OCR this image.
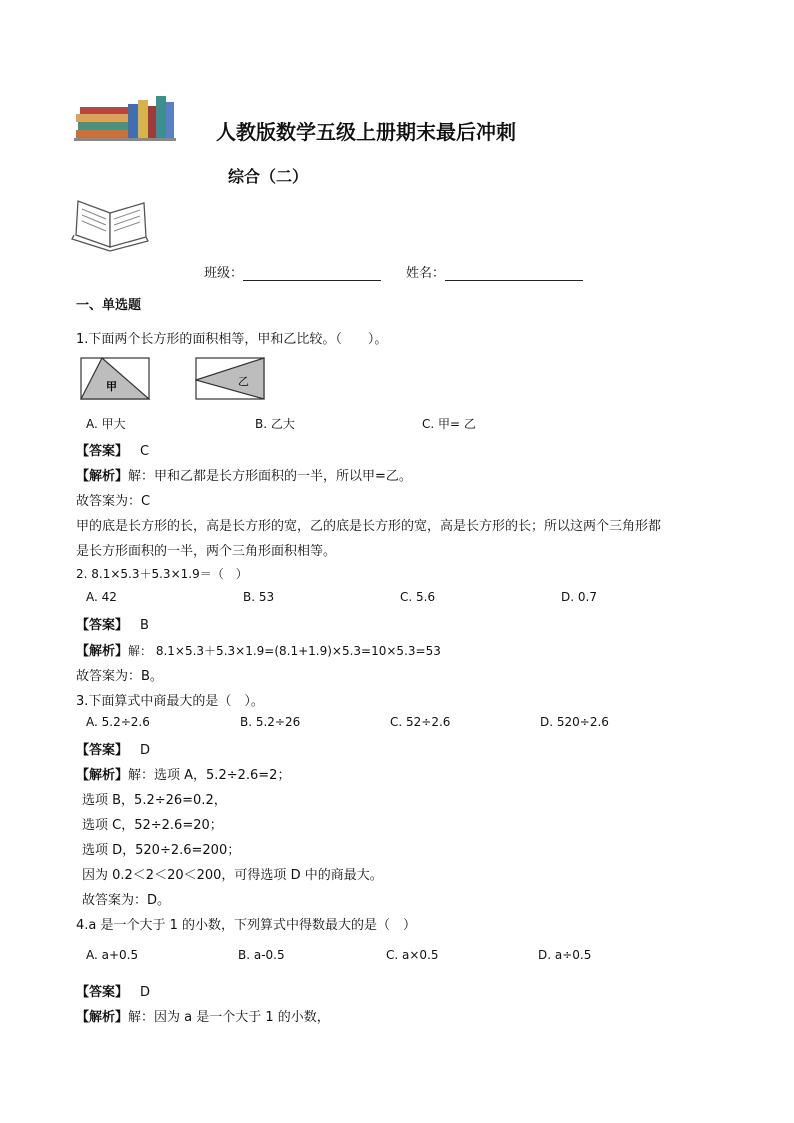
人教版数学五级上册期末最后冲刺
综合（二）
班级：	姓名：
一、单选题
1.下面两个长方形的面积相等，甲和乙比较。（　　）。
甲	乙
A. 甲大	B. 乙大	C. 甲= 乙
【答案】 C
【解析】解：甲和乙都是长方形面积的一半，所以甲=乙。
故答案为：C
甲的底是长方形的长，高是长方形的宽，乙的底是长方形的宽，高是长方形的长；所以这两个三角形都
是长方形面积的一半，两个三角形面积相等。
2. 8.1×5.3＋5.3×1.9＝（　）
A. 42	B. 53	C. 5.6	D. 0.7
【答案】 B
【解析】解： 8.1×5.3＋5.3×1.9=(8.1+1.9)×5.3=10×5.3=53
故答案为：B。
3.下面算式中商最大的是（　）。
A. 5.2÷2.6	B. 5.2÷26	C. 52÷2.6	D. 520÷2.6
【答案】 D
【解析】解：选项 A，5.2÷2.6=2；
选项 B，5.2÷26=0.2，
选项 C，52÷2.6=20；
选项 D，520÷2.6=200；
因为 0.2＜2＜20＜200，可得选项 D 中的商最大。
故答案为：D。
4.a 是一个大于 1 的小数，下列算式中得数最大的是（　）
A. a+0.5	B. a-0.5	C. a×0.5	D. a÷0.5
【答案】 D
【解析】解：因为 a 是一个大于 1 的小数，
